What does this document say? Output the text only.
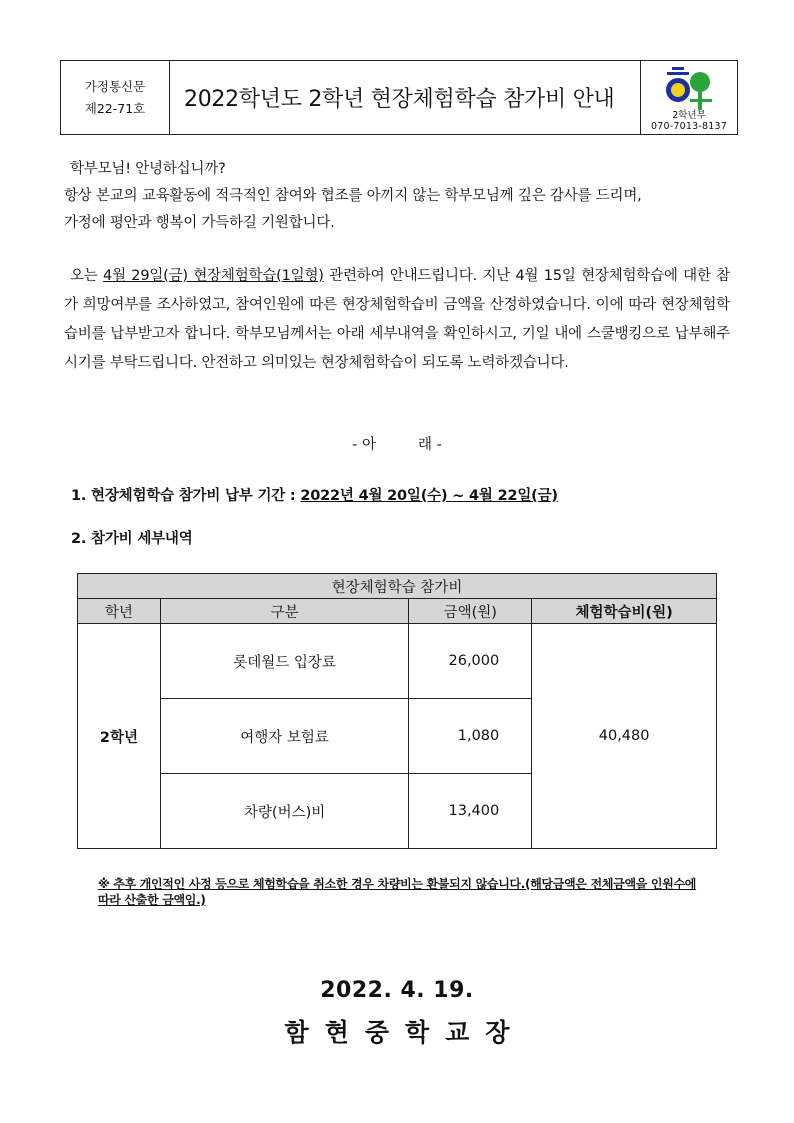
가정통신문
제22-71호 2022학년도 2학년 현장체험학습 참가비 안내
2학년부
070-7013-8137

학부모님! 안녕하십니까?

항상 본교의 교육활동에 적극적인 참여와 협조를 아끼지 않는 학부모님께 깊은 감사를 드리며,

가정에 평안과 행복이 가득하길 기원합니다.

오는 4월 29일(금) 현장체험학습(1일형) 관련하여 안내드립니다. 지난 4월 15일 현장체험학습에 대한 참가 희망여부를 조사하였고, 참여인원에 따른 현장체험학습비 금액을 산정하였습니다. 이에 따라 현장체험학습비를 납부받고자 합니다. 학부모님께서는 아래 세부내역을 확인하시고, 기일 내에 스쿨뱅킹으로 납부해주시기를 부탁드립니다. 안전하고 의미있는 현장체험학습이 되도록 노력하겠습니다.

- 아	래 -
1. 현장체험학습 참가비 납부 기간 : 2022년 4월 20일(수) ~ 4월 22일(금)
2. 참가비 세부내역
현장체험학습 참가비			
학년	구분	금액(원)	체험학습비(원)
2학년	롯데월드 입장료	26,000	40,480
	여행자 보험료	1,080	
	차량(버스)비	13,400	
※ 추후 개인적인 사정 등으로 체험학습을 취소한 경우 차량비는 환불되지 않습니다.(해당금액은 전체금액을 인원수에 따라 산출한 금액임.)
2022. 4. 19.
함현중학교장
